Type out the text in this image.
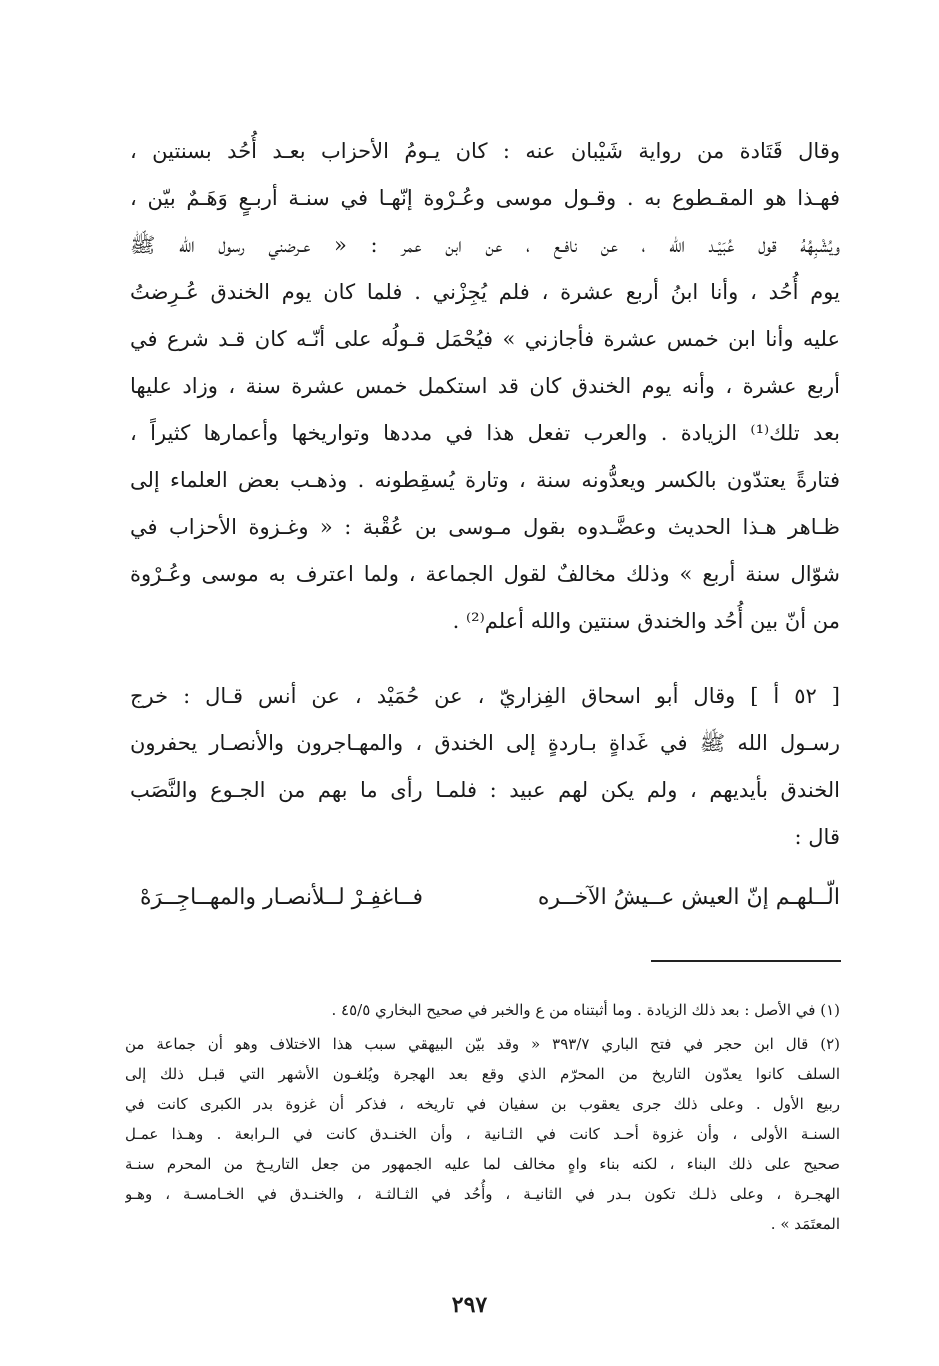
وقال قَتَادة من رواية شَيْبان عنه : كان يـومُ الأحزاب بعـد أُحُد بسنتين ،
فهـذا هو المقـطوع به . وقـول موسى وعُـرْوة إنّهـا في سنـة أربـعٍ وَهَـمٌ بيّن ،
ويُشْبِهُهُ قول عُبَيْـد الله ، عن نافـع ، عن ابن عمر : « عـرضني رسول الله ﷺ
يوم أُحُد ، وأنا ابنُ أربع عشرة ، فلم يُجِزْني . فلما كان يوم الخندق عُـرِضتُ
عليه وأنا ابن خمس عشرة فأجازني » فيُحْمَل قـولُه على أنّـه كان قـد شرع في
أربع عشرة ، وأنه يوم الخندق كان قد استكمل خمس عشرة سنة ، وزاد عليها
بعد تلك⁽¹⁾ الزيادة . والعرب تفعل هذا في مددها وتواريخها وأعمارها كثيراً ،
فتارةً يعتدّون بالكسر ويعدُّونه سنة ، وتارة يُسقِطونه . وذهـب بعض العلماء إلى
ظـاهر هـذا الحديث وعضَّـدوه بقول مـوسى بن عُقْبة : « وغـزوة الأحزاب في
شوّال سنة أربع » وذلك مخالفٌ لقول الجماعة ، ولما اعترف به موسى وعُـرْوة
من أنّ بين أُحُد والخندق سنتين والله أعلم⁽²⁾ .
[ ٥٢ أ ] وقال أبو اسحاق الفِزاريّ ، عن حُمَيْد ، عن أنس قـال : خرج
رسـول الله ﷺ في غَداةٍ بـاردةٍ إلى الخندق ، والمهـاجرون والأنصـار يحفرون
الخندق بأيديهم ، ولم يكن لهم عبيد : فلمـا رأى ما بهم من الجـوع والنَّصَب
قال :
الّــلهـم إنّ العيش عــيشُ الآخــره
فــاغفِـرْ لــلأنصـار والمهــاجِــرَهْ
(١) في الأصل : بعد ذلك الزيادة . وما أثبتناه من ع والخبر في صحيح البخاري ٤٥/٥ .
(٢) قال ابن حجر في فتح الباري ٣٩٣/٧ « وقد بيّن البيهقي سبب هذا الاختلاف وهو أن جماعة من
السلف كانوا يعدّون التاريخ من المحرّم الذي وقع بعد الهجرة ويُلغـون الأشهر التي قبـل ذلك إلى
ربيع الأول . وعلى ذلك جرى يعقوب بن سفيان في تاريخه ، فذكر أن غزوة بدر الكبرى كانت في
السنـة الأولى ، وأن غزوة أحـد كانت في الثـانية ، وأن الخنـدق كانت في الـرابعة . وهـذا عمـل
صحيح على ذلك البناء ، لكنه بناء واهٍ مخالف لما عليه الجمهور من جعل التاريـخ من المحرم سنـة
الهجـرة ، وعلى ذلـك تكون بـدر في الثانيـة ، وأُحُد في الثـالثـة ، والخنـدق في الخـامسـة ، وهـو
المعتَمَد » .
٢٩٧
